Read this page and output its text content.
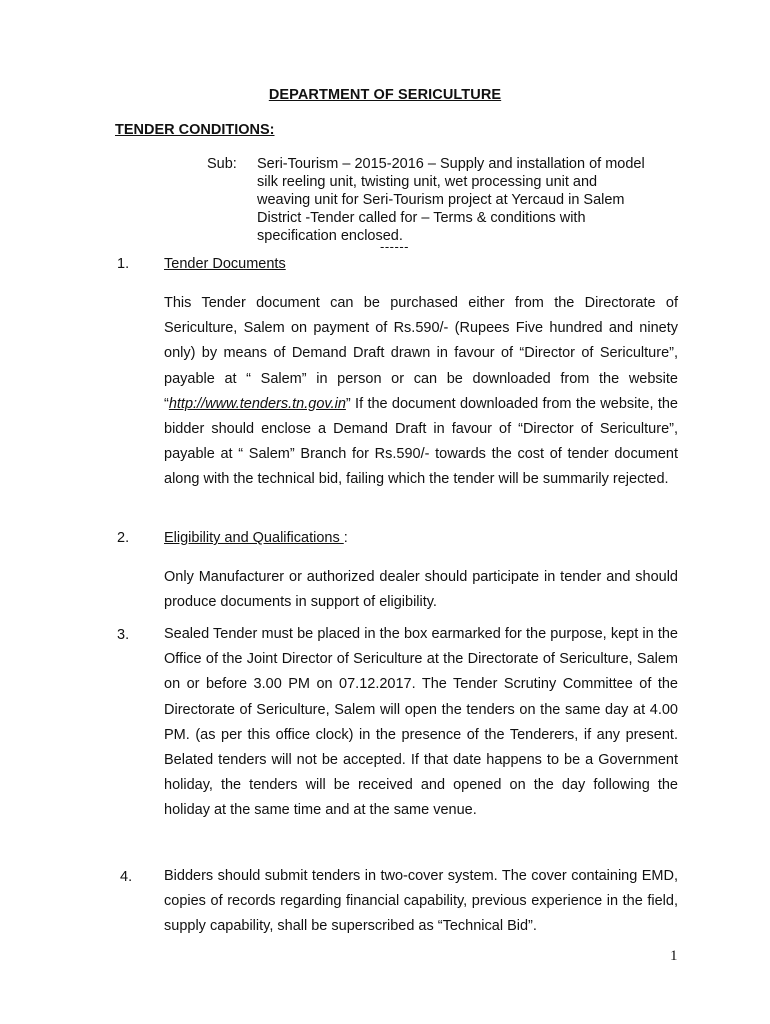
DEPARTMENT OF SERICULTURE
TENDER CONDITIONS:
Sub: Seri-Tourism – 2015-2016 – Supply and installation of model
silk reeling unit, twisting unit, wet processing unit and
weaving unit for Seri-Tourism project at Yercaud in Salem
District -Tender called for – Terms & conditions with
specification enclosed.
------
1. Tender Documents
This Tender document can be purchased either from the Directorate of Sericulture, Salem on payment of Rs.590/- (Rupees Five hundred and ninety only) by means of Demand Draft drawn in favour of “Director of Sericulture”, payable at “ Salem” in person or can be downloaded from the website “http://www.tenders.tn.gov.in” If the document downloaded from the website, the bidder should enclose a Demand Draft in favour of “Director of Sericulture”, payable at “ Salem” Branch for Rs.590/- towards the cost of tender document along with the technical bid, failing which the tender will be summarily rejected.
2. Eligibility and Qualifications :
Only Manufacturer or authorized dealer should participate in tender and should produce documents in support of eligibility.
3. Sealed Tender must be placed in the box earmarked for the purpose, kept in the Office of the Joint Director of Sericulture at the Directorate of Sericulture, Salem on or before 3.00 PM on 07.12.2017. The Tender Scrutiny Committee of the Directorate of Sericulture, Salem will open the tenders on the same day at 4.00 PM. (as per this office clock) in the presence of the Tenderers, if any present. Belated tenders will not be accepted. If that date happens to be a Government holiday, the tenders will be received and opened on the day following the holiday at the same time and at the same venue.
4. Bidders should submit tenders in two-cover system. The cover containing EMD, copies of records regarding financial capability, previous experience in the field, supply capability, shall be superscribed as “Technical Bid”.
1
